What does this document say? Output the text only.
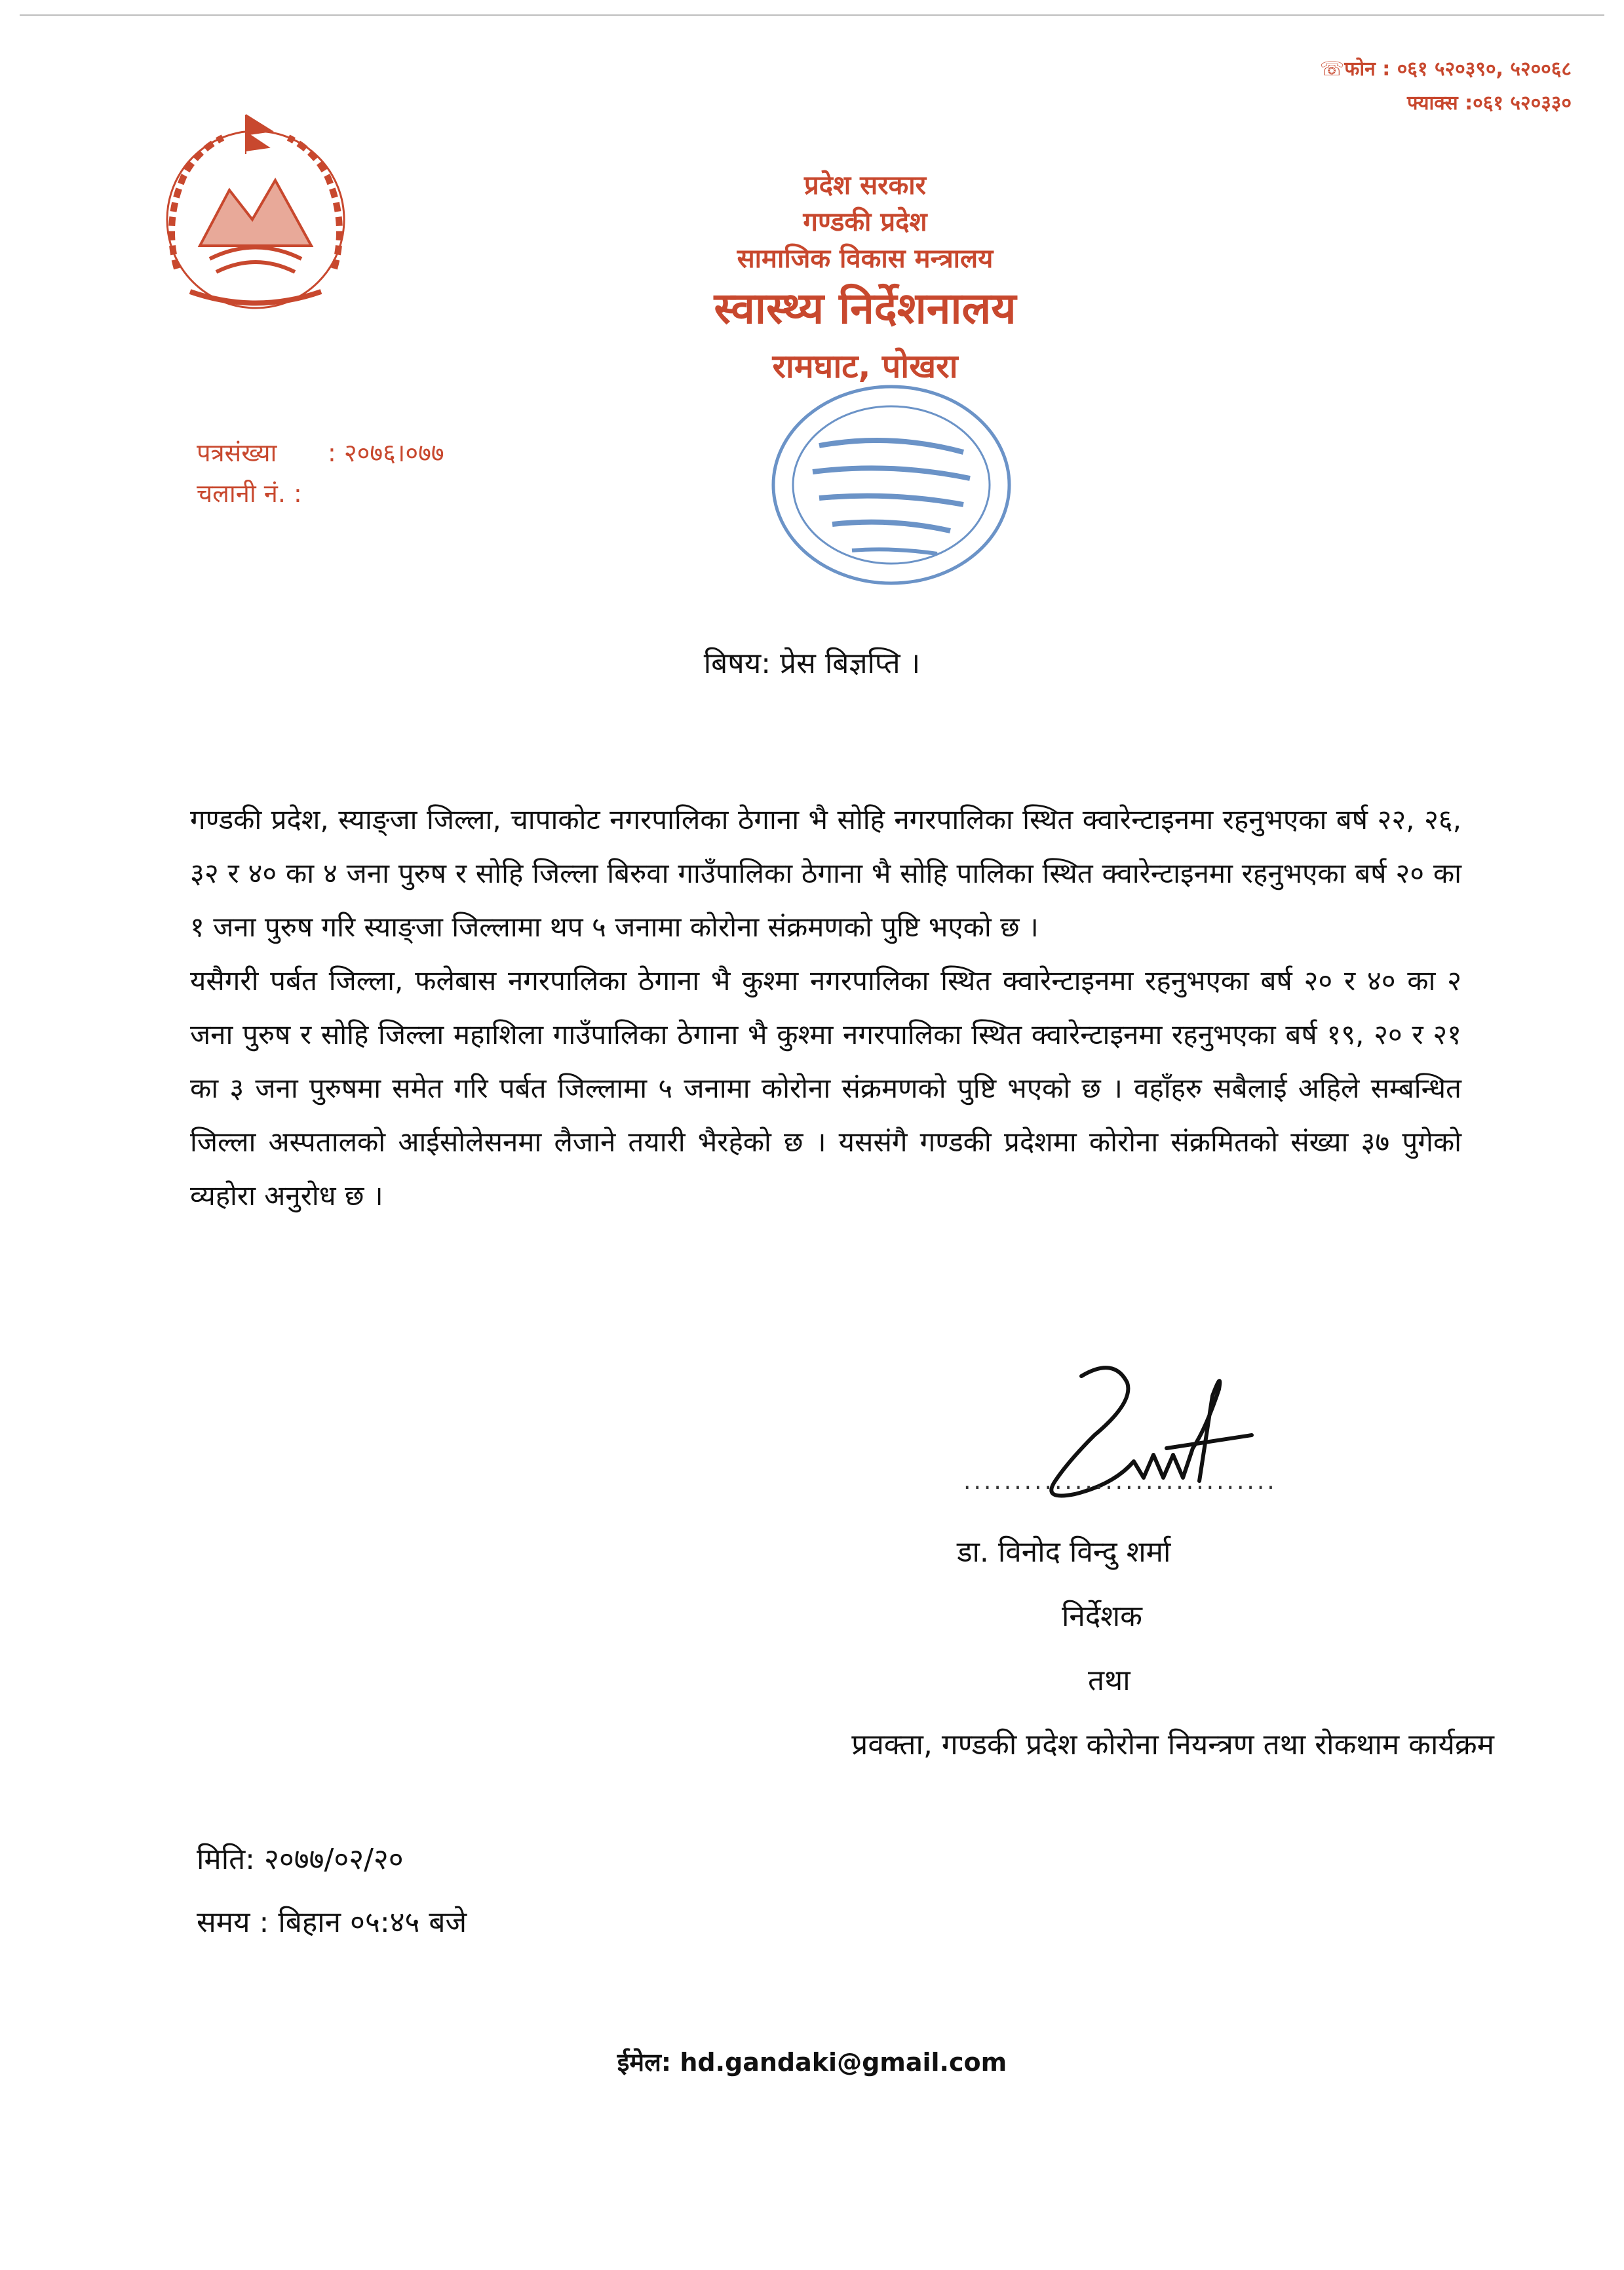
☏फोन : ०६१ ५२०३९०, ५२००६८
फ्याक्स :०६१ ५२०३३०
प्रदेश सरकार
गण्डकी प्रदेश
सामाजिक विकास मन्त्रालय
स्वास्थ्य निर्देशनालय
रामघाट, पोखरा
पत्रसंख्या	: २०७६।०७७
चलानी नं. :
बिषय: प्रेस बिज्ञप्ति ।

गण्डकी प्रदेश, स्याङ्जा जिल्ला, चापाकोट नगरपालिका ठेगाना भै सोहि नगरपालिका स्थित क्वारेन्टाइनमा रहनुभएका बर्ष २२, २६, ३२ र ४० का ४ जना पुरुष र सोहि जिल्ला बिरुवा गाउँपालिका ठेगाना भै सोहि पालिका स्थित क्वारेन्टाइनमा रहनुभएका बर्ष २० का १ जना पुरुष गरि स्याङ्जा जिल्लामा थप ५ जनामा कोरोना संक्रमणको पुष्टि भएको छ ।

यसैगरी पर्बत जिल्ला, फलेबास नगरपालिका ठेगाना भै कुश्मा नगरपालिका स्थित क्वारेन्टाइनमा रहनुभएका बर्ष २० र ४० का २ जना पुरुष र सोहि जिल्ला महाशिला गाउँपालिका ठेगाना भै कुश्मा नगरपालिका स्थित क्वारेन्टाइनमा रहनुभएका बर्ष १९, २० र २१ का ३ जना पुरुषमा समेत गरि पर्बत जिल्लामा ५ जनामा कोरोना संक्रमणको पुष्टि भएको छ । वहाँहरु सबैलाई अहिले सम्बन्धित जिल्ला अस्पतालको आईसोलेसनमा लैजाने तयारी भैरहेको छ । यससंगै गण्डकी प्रदेशमा कोरोना संक्रमितको संख्या ३७ पुगेको व्यहोरा अनुरोध छ ।

...............................
डा. विनोद विन्दु शर्मा
निर्देशक
तथा
प्रवक्ता, गण्डकी प्रदेश कोरोना नियन्त्रण तथा रोकथाम कार्यक्रम
मिति: २०७७/०२/२०
समय : बिहान ०५:४५ बजे
ईमेल: hd.gandaki@gmail.com
